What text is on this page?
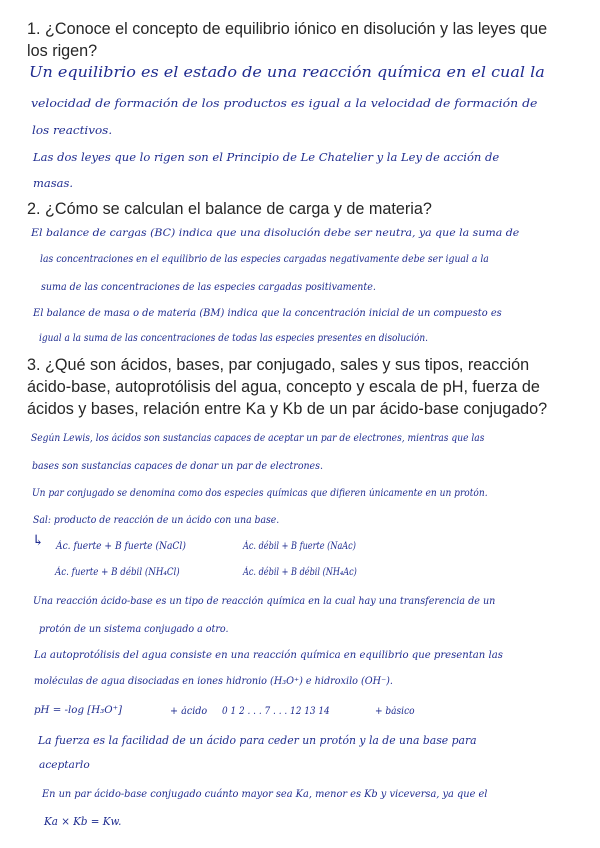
1. ¿Conoce el concepto de equilibrio iónico en disolución y las leyes que los rigen?

Un equilibrio es el estado de una reacción química en el cual la

velocidad de formación de los productos es igual a la velocidad de formación de

los reactivos.

Las dos leyes que lo rigen son el Principio de Le Chatelier y la Ley de acción de

masas.

2. ¿Cómo se calculan el balance de carga y de materia?

El balance de cargas (BC) indica que una disolución debe ser neutra, ya que la suma de

las concentraciones en el equilibrio de las especies cargadas negativamente debe ser igual a la

suma de las concentraciones de las especies cargadas positivamente.

El balance de masa o de materia (BM) indica que la concentración inicial de un compuesto es

igual a la suma de las concentraciones de todas las especies presentes en disolución.

3. ¿Qué son ácidos, bases, par conjugado, sales y sus tipos, reacción ácido-base, autoprotólisis del agua, concepto y escala de pH, fuerza de ácidos y bases, relación entre Ka y Kb de un par ácido-base conjugado?

Según Lewis, los ácidos son sustancias capaces de aceptar un par de electrones, mientras que las

bases son sustancias capaces de donar un par de electrones.

Un par conjugado se denomina como dos especies químicas que difieren únicamente en un protón.

Sal: producto de reacción de un ácido con una base.

↳ Ác. fuerte + B fuerte (NaCl)	Ác. débil + B fuerte (NaAc)

Ác. fuerte + B débil (NH₄Cl)	Ác. débil + B débil (NH₄Ac)

Una reacción ácido-base es un tipo de reacción química en la cual hay una transferencia de un

protón de un sistema conjugado a otro.

La autoprotólisis del agua consiste en una reacción química en equilibrio que presentan las

moléculas de agua disociadas en iones hidronio (H₃O⁺) e hidroxilo (OH⁻).

pH = -log [H₃O⁺]	+ ácido 0 1 2 . . . 7 . . . 12 13 14	+ básico

La fuerza es la facilidad de un ácido para ceder un protón y la de una base para

aceptarlo

En un par ácido-base conjugado cuánto mayor sea Ka, menor es Kb y viceversa, ya que el

Ka × Kb = Kw.
